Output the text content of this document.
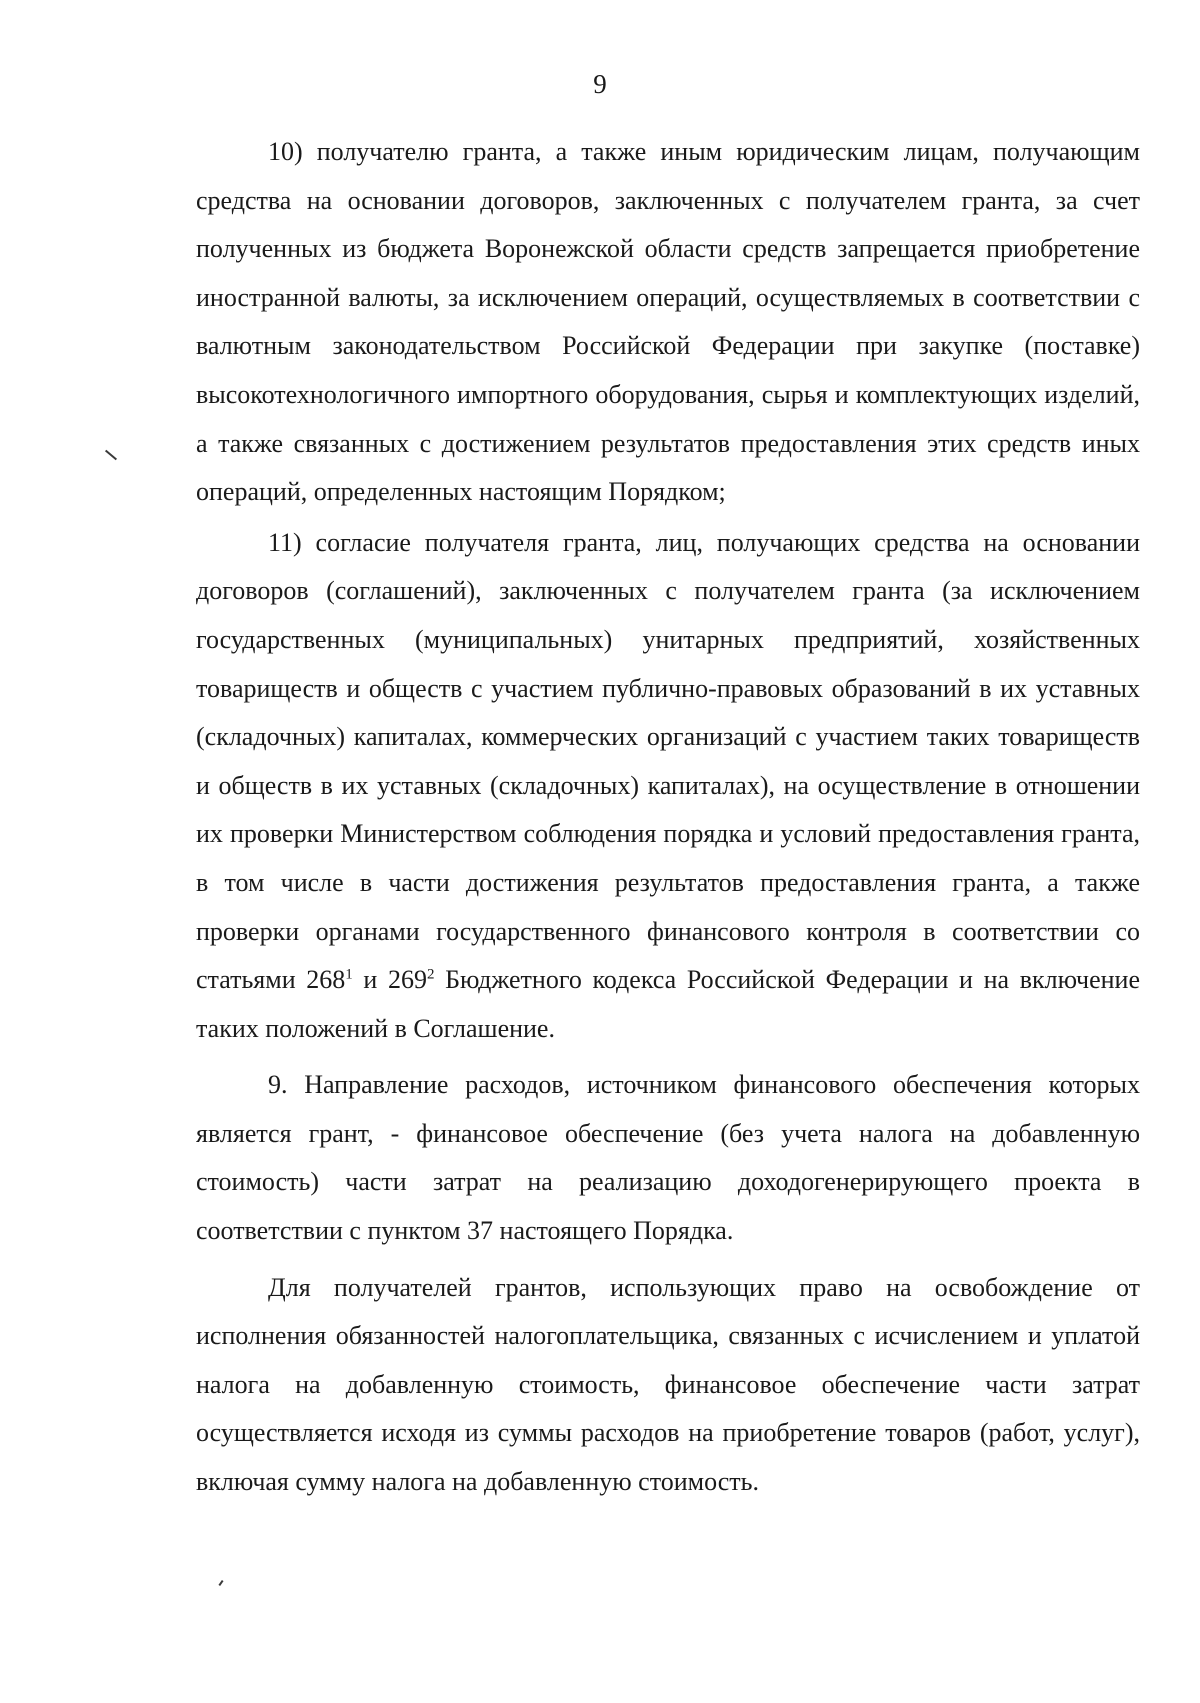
9

10) получателю гранта, а также иным юридическим лицам, получающим средства на основании договоров, заключенных с получателем гранта, за счет полученных из бюджета Воронежской области средств запрещается приобретение иностранной валюты, за исключением операций, осуществляемых в соответствии с валютным законодательством Российской Федерации при закупке (поставке) высокотехнологичного импортного оборудования, сырья и комплектующих изделий, а также связанных с достижением результатов предоставления этих средств иных операций, определенных настоящим Порядком;

11) согласие получателя гранта, лиц, получающих средства на основании договоров (соглашений), заключенных с получателем гранта (за исключением государственных (муниципальных) унитарных предприятий, хозяйственных товариществ и обществ с участием публично-правовых образований в их уставных (складочных) капиталах, коммерческих организаций с участием таких товариществ и обществ в их уставных (складочных) капиталах), на осуществление в отношении их проверки Министерством соблюдения порядка и условий предоставления гранта, в том числе в части достижения результатов предоставления гранта, а также проверки органами государственного финансового контроля в соответствии со статьями $268^1$ и $269^2$ Бюджетного кодекса Российской Федерации и на включение таких положений в Соглашение.

9. Направление расходов, источником финансового обеспечения которых является грант, - финансовое обеспечение (без учета налога на добавленную стоимость) части затрат на реализацию доходогенерирующего проекта в соответствии с пунктом 37 настоящего Порядка.

Для получателей грантов, использующих право на освобождение от исполнения обязанностей налогоплательщика, связанных с исчислением и уплатой налога на добавленную стоимость, финансовое обеспечение части затрат осуществляется исходя из суммы расходов на приобретение товаров (работ, услуг), включая сумму налога на добавленную стоимость.
